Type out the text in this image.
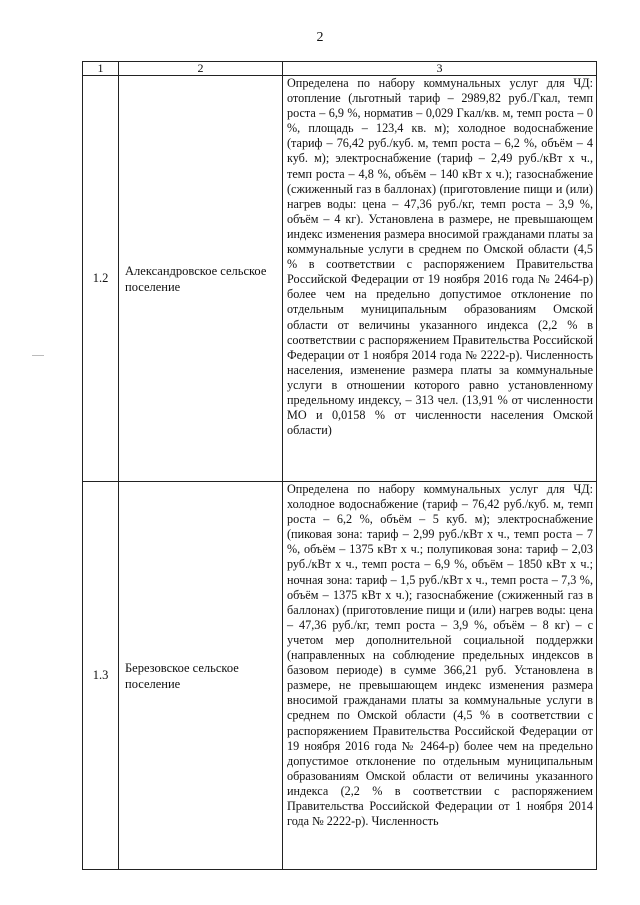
2
1	2	3
1.2	Александровское сельское поселение	Определена по набору коммунальных услуг для ЧД: отопление (льготный тариф – 2989,82 руб./Гкал, темп роста – 6,9 %, норматив – 0,029 Гкал/кв. м, темп роста – 0 %, площадь – 123,4 кв. м); холодное водоснабжение (тариф – 76,42 руб./куб. м, темп роста – 6,2 %, объём – 4 куб. м); электроснабжение (тариф – 2,49 руб./кВт x ч., темп роста – 4,8 %, объём – 140 кВт x ч.); газоснабжение (сжиженный газ в баллонах) (приготовление пищи и (или) нагрев воды: цена – 47,36 руб./кг, темп роста – 3,9 %, объём – 4 кг). Установлена в размере, не превышающем индекс изменения размера вносимой гражданами платы за коммунальные услуги в среднем по Омской области (4,5 % в соответствии с распоряжением Правительства Российской Федерации от 19 ноября 2016 года № 2464-р) более чем на предельно допустимое отклонение по отдельным муниципальным образованиям Омской области от величины указанного индекса (2,2 % в соответствии с распоряжением Правительства Российской Федерации от 1 ноября 2014 года № 2222-р). Численность населения, изменение размера платы за коммунальные услуги в отношении которого равно установленному предельному индексу, – 313 чел. (13,91 % от численности МО и 0,0158 % от численности населения Омской области)
1.3	Березовское сельское поселение	Определена по набору коммунальных услуг для ЧД: холодное водоснабжение (тариф – 76,42 руб./куб. м, темп роста – 6,2 %, объём – 5 куб. м); электроснабжение (пиковая зона: тариф – 2,99 руб./кВт x ч., темп роста – 7 %, объём – 1375 кВт x ч.; полупиковая зона: тариф – 2,03 руб./кВт x ч., темп роста – 6,9 %, объём – 1850 кВт x ч.; ночная зона: тариф – 1,5 руб./кВт x ч., темп роста – 7,3 %, объём – 1375 кВт x ч.); газоснабжение (сжиженный газ в баллонах) (приготовление пищи и (или) нагрев воды: цена – 47,36 руб./кг, темп роста – 3,9 %, объём – 8 кг) – с учетом мер дополнительной социальной поддержки (направленных на соблюдение предельных индексов в базовом периоде) в сумме 366,21 руб. Установлена в размере, не превышающем индекс изменения размера вносимой гражданами платы за коммунальные услуги в среднем по Омской области (4,5 % в соответствии с распоряжением Правительства Российской Федерации от 19 ноября 2016 года № 2464-р) более чем на предельно допустимое отклонение по отдельным муниципальным образованиям Омской области от величины указанного индекса (2,2 % в соответствии с распоряжением Правительства Российской Федерации от 1 ноября 2014 года № 2222-р). Численность
